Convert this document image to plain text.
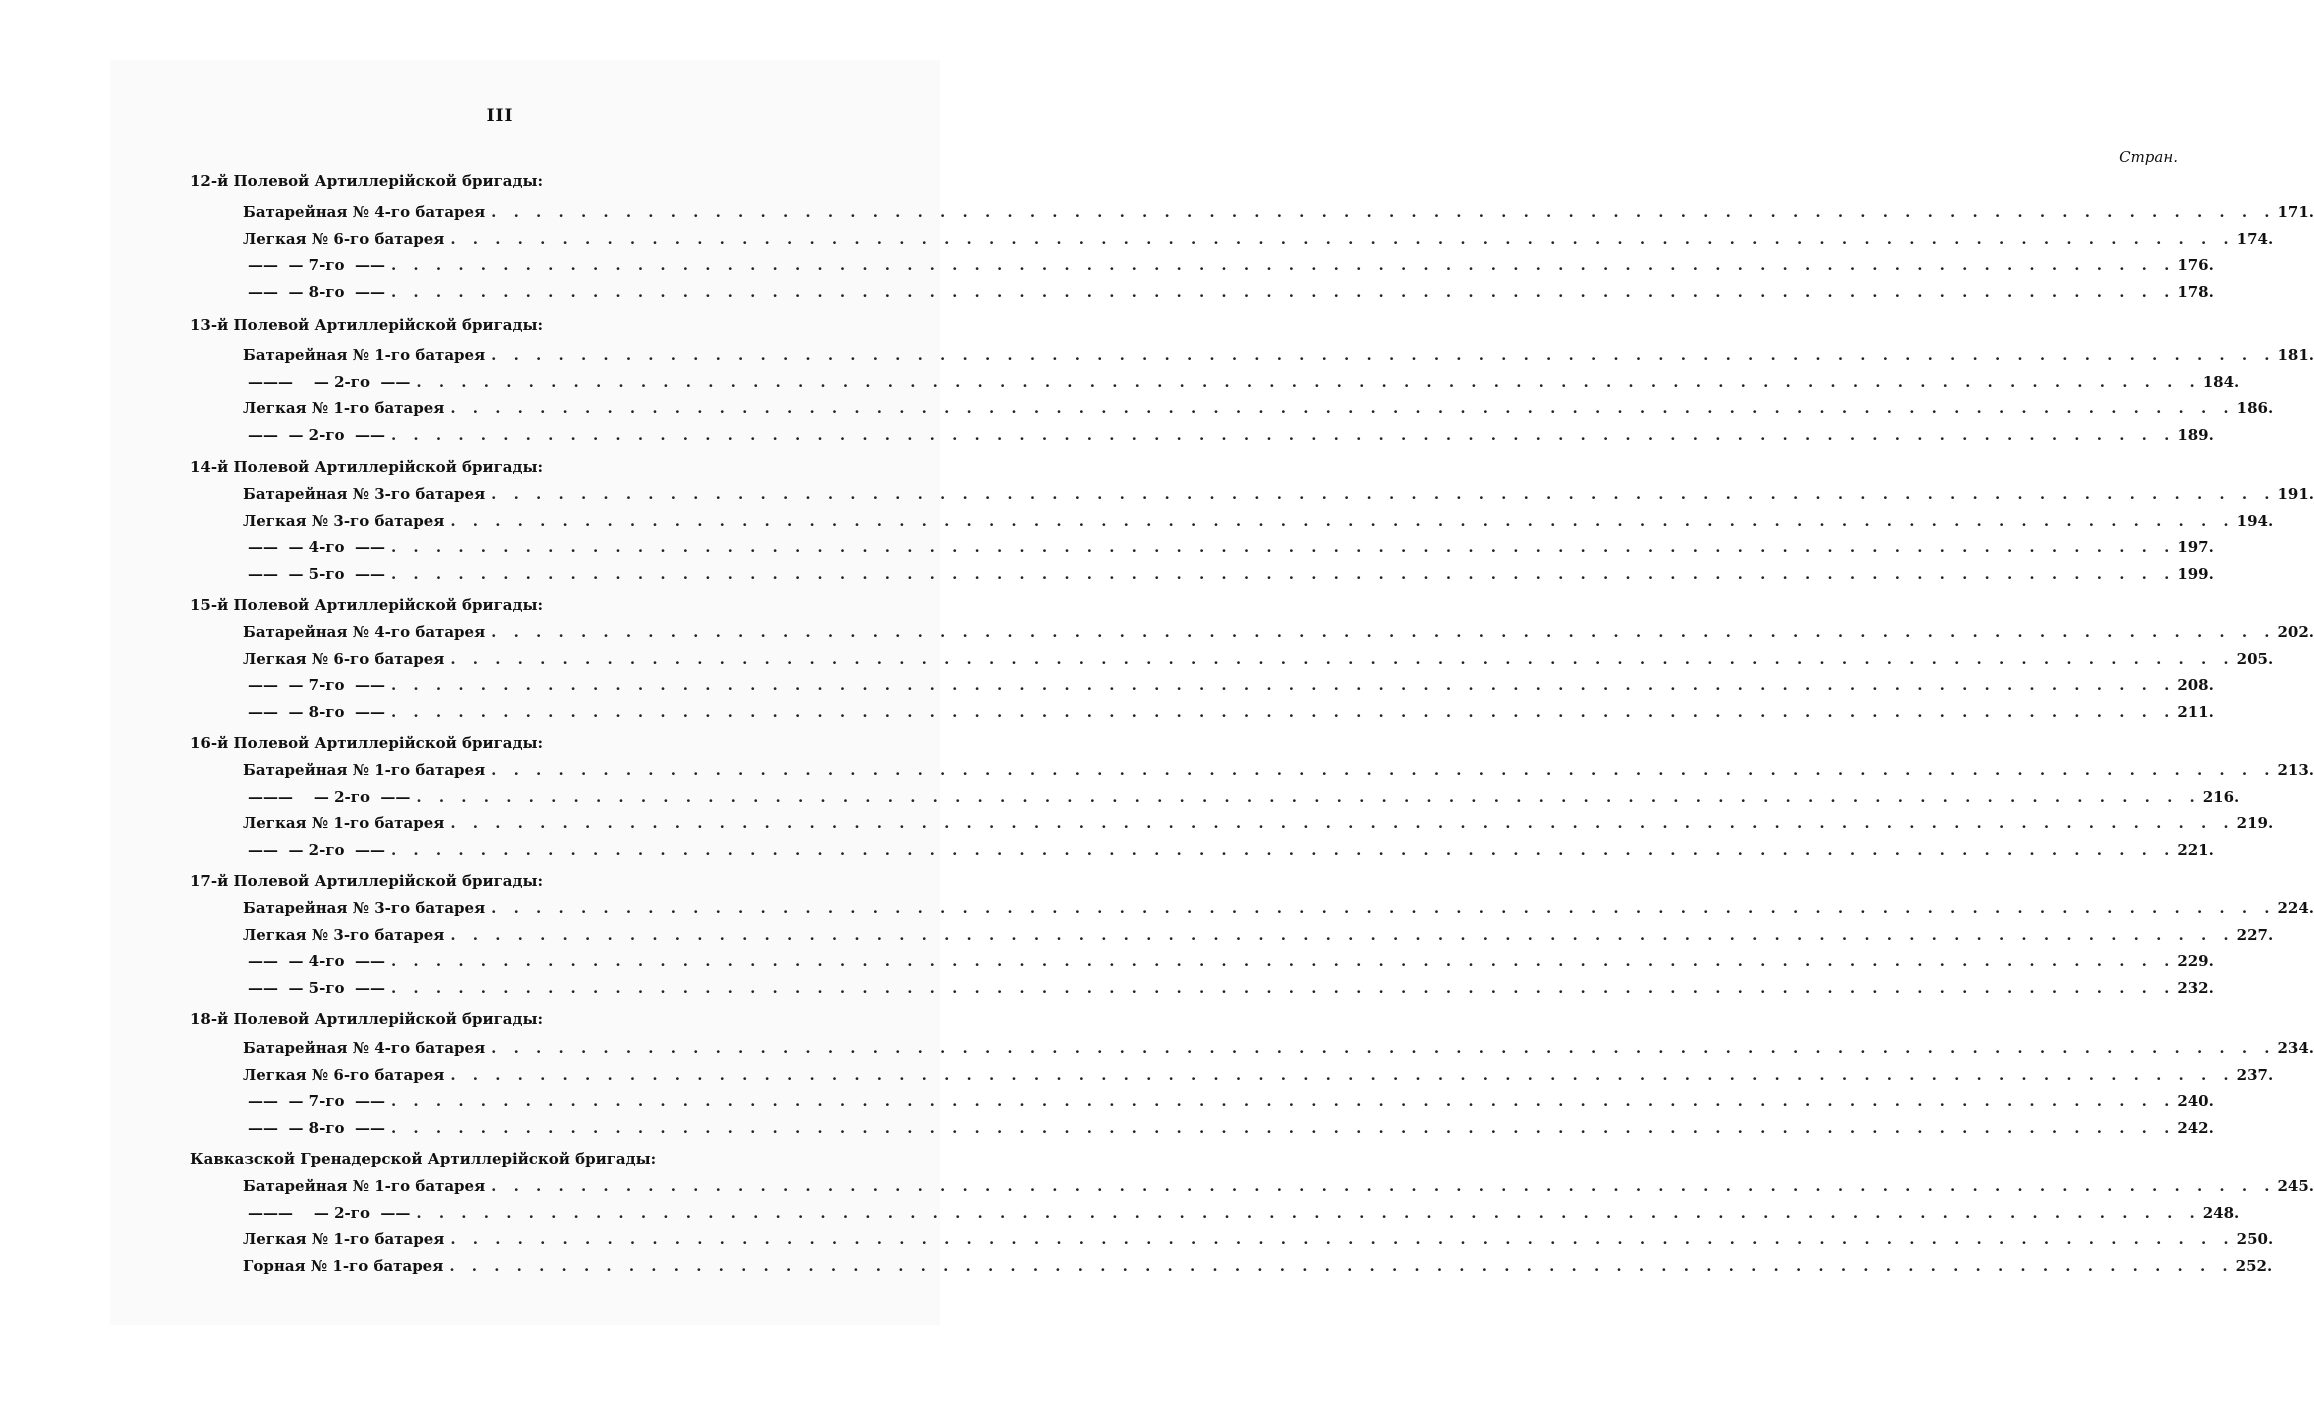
III
Стран.
12-й Полевой Артиллерійской бригады:
Батарейная № 4-го батарея . . . . . . . . . . . . . . . . . . . . . . . . . . . . . . . . . . . . . . . . . . . . . . . . . . . . . . . . . . . . . . . . . . . . . . . . . . . . . . . . 171.
Легкая № 6-го батарея . . . . . . . . . . . . . . . . . . . . . . . . . . . . . . . . . . . . . . . . . . . . . . . . . . . . . . . . . . . . . . . . . . . . . . . . . . . . . . . . 174.
——  — 7-го  —— . . . . . . . . . . . . . . . . . . . . . . . . . . . . . . . . . . . . . . . . . . . . . . . . . . . . . . . . . . . . . . . . . . . . . . . . . . . . . . . . 176.
——  — 8-го  —— . . . . . . . . . . . . . . . . . . . . . . . . . . . . . . . . . . . . . . . . . . . . . . . . . . . . . . . . . . . . . . . . . . . . . . . . . . . . . . . . 178.
13-й Полевой Артиллерійской бригады:
Батарейная № 1-го батарея . . . . . . . . . . . . . . . . . . . . . . . . . . . . . . . . . . . . . . . . . . . . . . . . . . . . . . . . . . . . . . . . . . . . . . . . . . . . . . . . 181.
———    — 2-го  —— . . . . . . . . . . . . . . . . . . . . . . . . . . . . . . . . . . . . . . . . . . . . . . . . . . . . . . . . . . . . . . . . . . . . . . . . . . . . . . . . 184.
Легкая № 1-го батарея . . . . . . . . . . . . . . . . . . . . . . . . . . . . . . . . . . . . . . . . . . . . . . . . . . . . . . . . . . . . . . . . . . . . . . . . . . . . . . . . 186.
——  — 2-го  —— . . . . . . . . . . . . . . . . . . . . . . . . . . . . . . . . . . . . . . . . . . . . . . . . . . . . . . . . . . . . . . . . . . . . . . . . . . . . . . . . 189.
14-й Полевой Артиллерійской бригады:
Батарейная № 3-го батарея . . . . . . . . . . . . . . . . . . . . . . . . . . . . . . . . . . . . . . . . . . . . . . . . . . . . . . . . . . . . . . . . . . . . . . . . . . . . . . . . 191.
Легкая № 3-го батарея . . . . . . . . . . . . . . . . . . . . . . . . . . . . . . . . . . . . . . . . . . . . . . . . . . . . . . . . . . . . . . . . . . . . . . . . . . . . . . . . 194.
——  — 4-го  —— . . . . . . . . . . . . . . . . . . . . . . . . . . . . . . . . . . . . . . . . . . . . . . . . . . . . . . . . . . . . . . . . . . . . . . . . . . . . . . . . 197.
——  — 5-го  —— . . . . . . . . . . . . . . . . . . . . . . . . . . . . . . . . . . . . . . . . . . . . . . . . . . . . . . . . . . . . . . . . . . . . . . . . . . . . . . . . 199.
15-й Полевой Артиллерійской бригады:
Батарейная № 4-го батарея . . . . . . . . . . . . . . . . . . . . . . . . . . . . . . . . . . . . . . . . . . . . . . . . . . . . . . . . . . . . . . . . . . . . . . . . . . . . . . . . 202.
Легкая № 6-го батарея . . . . . . . . . . . . . . . . . . . . . . . . . . . . . . . . . . . . . . . . . . . . . . . . . . . . . . . . . . . . . . . . . . . . . . . . . . . . . . . . 205.
——  — 7-го  —— . . . . . . . . . . . . . . . . . . . . . . . . . . . . . . . . . . . . . . . . . . . . . . . . . . . . . . . . . . . . . . . . . . . . . . . . . . . . . . . . 208.
——  — 8-го  —— . . . . . . . . . . . . . . . . . . . . . . . . . . . . . . . . . . . . . . . . . . . . . . . . . . . . . . . . . . . . . . . . . . . . . . . . . . . . . . . . 211.
16-й Полевой Артиллерійской бригады:
Батарейная № 1-го батарея . . . . . . . . . . . . . . . . . . . . . . . . . . . . . . . . . . . . . . . . . . . . . . . . . . . . . . . . . . . . . . . . . . . . . . . . . . . . . . . . 213.
———    — 2-го  —— . . . . . . . . . . . . . . . . . . . . . . . . . . . . . . . . . . . . . . . . . . . . . . . . . . . . . . . . . . . . . . . . . . . . . . . . . . . . . . . . 216.
Легкая № 1-го батарея . . . . . . . . . . . . . . . . . . . . . . . . . . . . . . . . . . . . . . . . . . . . . . . . . . . . . . . . . . . . . . . . . . . . . . . . . . . . . . . . 219.
——  — 2-го  —— . . . . . . . . . . . . . . . . . . . . . . . . . . . . . . . . . . . . . . . . . . . . . . . . . . . . . . . . . . . . . . . . . . . . . . . . . . . . . . . . 221.
17-й Полевой Артиллерійской бригады:
Батарейная № 3-го батарея . . . . . . . . . . . . . . . . . . . . . . . . . . . . . . . . . . . . . . . . . . . . . . . . . . . . . . . . . . . . . . . . . . . . . . . . . . . . . . . . 224.
Легкая № 3-го батарея . . . . . . . . . . . . . . . . . . . . . . . . . . . . . . . . . . . . . . . . . . . . . . . . . . . . . . . . . . . . . . . . . . . . . . . . . . . . . . . . 227.
——  — 4-го  —— . . . . . . . . . . . . . . . . . . . . . . . . . . . . . . . . . . . . . . . . . . . . . . . . . . . . . . . . . . . . . . . . . . . . . . . . . . . . . . . . 229.
——  — 5-го  —— . . . . . . . . . . . . . . . . . . . . . . . . . . . . . . . . . . . . . . . . . . . . . . . . . . . . . . . . . . . . . . . . . . . . . . . . . . . . . . . . 232.
18-й Полевой Артиллерійской бригады:
Батарейная № 4-го батарея . . . . . . . . . . . . . . . . . . . . . . . . . . . . . . . . . . . . . . . . . . . . . . . . . . . . . . . . . . . . . . . . . . . . . . . . . . . . . . . . 234.
Легкая № 6-го батарея . . . . . . . . . . . . . . . . . . . . . . . . . . . . . . . . . . . . . . . . . . . . . . . . . . . . . . . . . . . . . . . . . . . . . . . . . . . . . . . . 237.
——  — 7-го  —— . . . . . . . . . . . . . . . . . . . . . . . . . . . . . . . . . . . . . . . . . . . . . . . . . . . . . . . . . . . . . . . . . . . . . . . . . . . . . . . . 240.
——  — 8-го  —— . . . . . . . . . . . . . . . . . . . . . . . . . . . . . . . . . . . . . . . . . . . . . . . . . . . . . . . . . . . . . . . . . . . . . . . . . . . . . . . . 242.
Кавказской Гренадерской Артиллерійской бригады:
Батарейная № 1-го батарея . . . . . . . . . . . . . . . . . . . . . . . . . . . . . . . . . . . . . . . . . . . . . . . . . . . . . . . . . . . . . . . . . . . . . . . . . . . . . . . . 245.
———    — 2-го  —— . . . . . . . . . . . . . . . . . . . . . . . . . . . . . . . . . . . . . . . . . . . . . . . . . . . . . . . . . . . . . . . . . . . . . . . . . . . . . . . . 248.
Легкая № 1-го батарея . . . . . . . . . . . . . . . . . . . . . . . . . . . . . . . . . . . . . . . . . . . . . . . . . . . . . . . . . . . . . . . . . . . . . . . . . . . . . . . . 250.
Горная № 1-го батарея . . . . . . . . . . . . . . . . . . . . . . . . . . . . . . . . . . . . . . . . . . . . . . . . . . . . . . . . . . . . . . . . . . . . . . . . . . . . . . . . 252.
